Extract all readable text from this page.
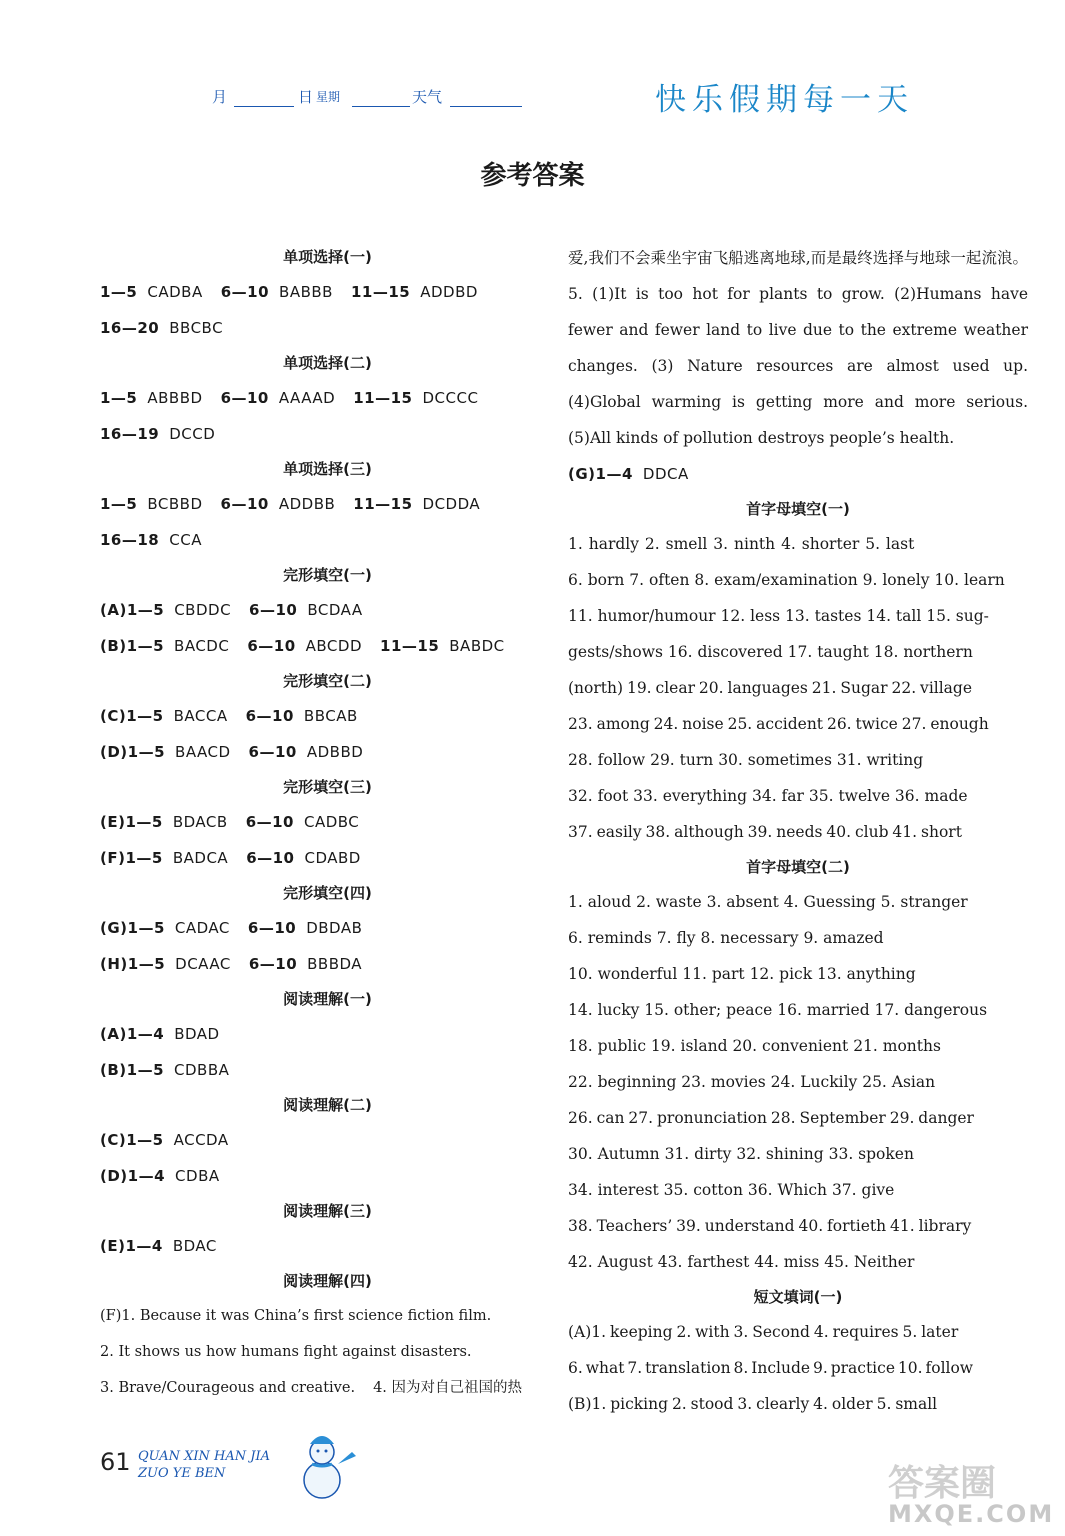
月	日 星期	天气	快乐假期每一天
参考答案
单项选择(一)
1—5 CADBA 6—10 BABBB 11—15 ADDBD
16—20 BBCBC
单项选择(二)
1—5 ABBBD 6—10 AAAAD 11—15 DCCCC
16—19 DCCD
单项选择(三)
1—5 BCBBD 6—10 ADDBB 11—15 DCDDA
16—18 CCA
完形填空(一)
(A)1—5 CBDDC 6—10 BCDAA
(B)1—5 BACDC 6—10 ABCDD 11—15 BABDC
完形填空(二)
(C)1—5 BACCA 6—10 BBCAB
(D)1—5 BAACD 6—10 ADBBD
完形填空(三)
(E)1—5 BDACB 6—10 CADBC
(F)1—5 BADCA 6—10 CDABD
完形填空(四)
(G)1—5 CADAC 6—10 DBDAB
(H)1—5 DCAAC 6—10 BBBDA
阅读理解(一)
(A)1—4 BDAD
(B)1—5 CDBBA
阅读理解(二)
(C)1—5 ACCDA
(D)1—4 CDBA
阅读理解(三)
(E)1—4 BDAC
阅读理解(四)
(F)1. Because it was China’s first science fiction film.
2. It shows us how humans fight against disasters.
3. Brave/Courageous and creative. 4. 因为对自己祖国的热
爱,我们不会乘坐宇宙飞船逃离地球,而是最终选择与地球一起流浪。 5. (1)It is too hot for plants to grow. (2)Humans have fewer and fewer land to live due to the extreme weather changes. (3) Nature resources are almost used up. (4)Global warming is getting more and more serious. (5)All kinds of pollution destroys people’s health.
(G)1—4 DDCA
首字母填空(一)
1. hardly 2. smell 3. ninth 4. shorter 5. last
6. born 7. often 8. exam/examination 9. lonely 10. learn
11. humor/humour 12. less 13. tastes 14. tall 15. sug-
gests/shows 16. discovered 17. taught 18. northern
(north) 19. clear 20. languages 21. Sugar 22. village
23. among 24. noise 25. accident 26. twice 27. enough
28. follow 29. turn 30. sometimes 31. writing
32. foot 33. everything 34. far 35. twelve 36. made
37. easily 38. although 39. needs 40. club 41. short
首字母填空(二)
1. aloud 2. waste 3. absent 4. Guessing 5. stranger
6. reminds 7. fly 8. necessary 9. amazed
10. wonderful 11. part 12. pick 13. anything
14. lucky 15. other; peace 16. married 17. dangerous
18. public 19. island 20. convenient 21. months
22. beginning 23. movies 24. Luckily 25. Asian
26. can 27. pronunciation 28. September 29. danger
30. Autumn 31. dirty 32. shining 33. spoken
34. interest 35. cotton 36. Which 37. give
38. Teachers’ 39. understand 40. fortieth 41. library
42. August 43. farthest 44. miss 45. Neither
短文填词(一)
(A)1. keeping 2. with 3. Second 4. requires 5. later
6. what 7. translation 8. Include 9. practice 10. follow
(B)1. picking 2. stood 3. clearly 4. older 5. small
61 QUAN XIN HAN JIA
ZUO YE BEN	答案圈
MXQE.COM
